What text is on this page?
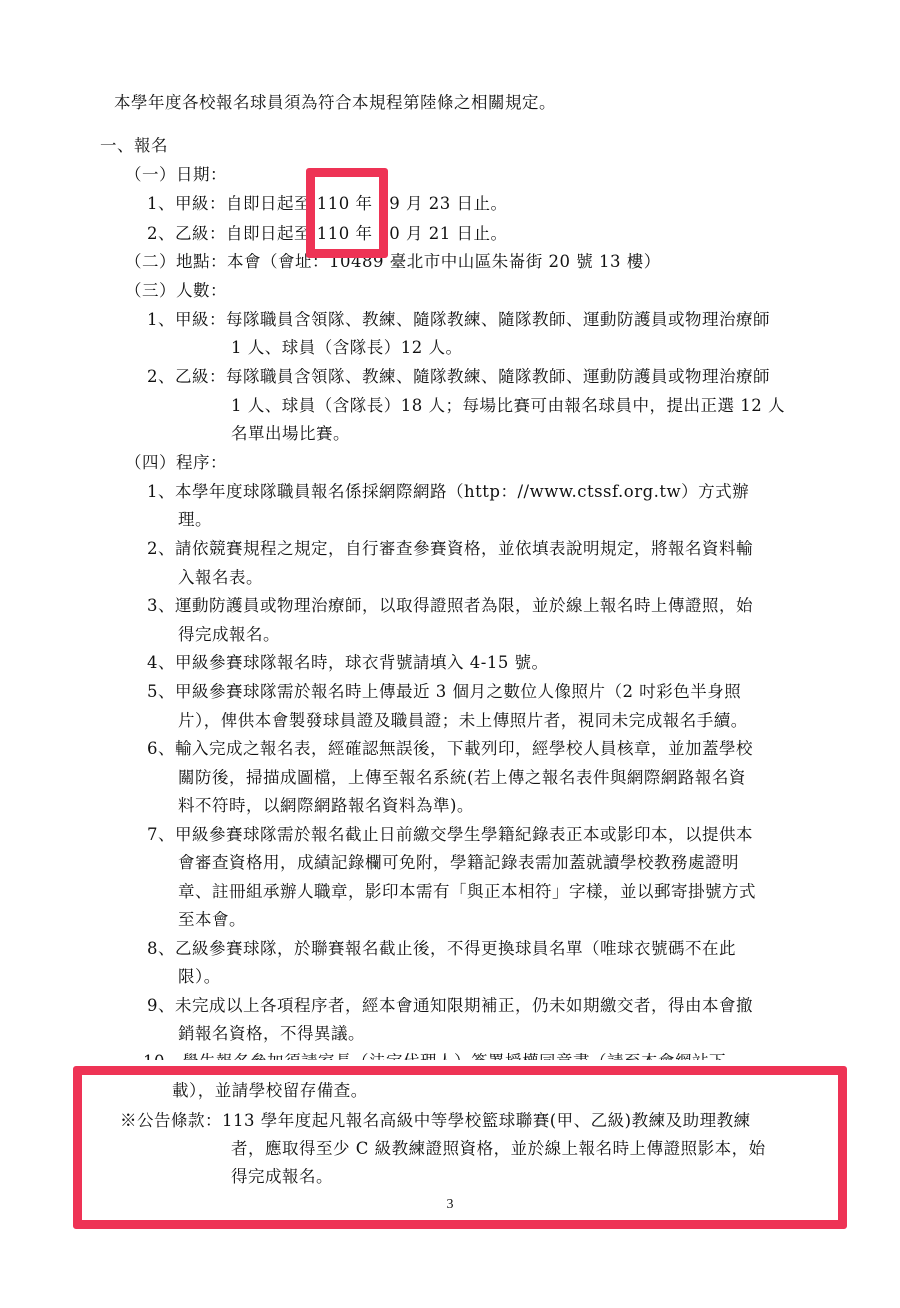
本學年度各校報名球員須為符合本規程第陸條之相關規定。
一、報名
（一）日期：
1、甲級：自即日起至 110 年 09 月 23 日止。
2、乙級：自即日起至 110 年 10 月 21 日止。
（二）地點：本會（會址：10489 臺北市中山區朱崙街 20 號 13 樓）
（三）人數：
1、甲級：每隊職員含領隊、教練、隨隊教練、隨隊教師、運動防護員或物理治療師
1 人、球員（含隊長）12 人。
2、乙級：每隊職員含領隊、教練、隨隊教練、隨隊教師、運動防護員或物理治療師
1 人、球員（含隊長）18 人；每場比賽可由報名球員中，提出正選 12 人
名單出場比賽。
（四）程序：
1、本學年度球隊職員報名係採網際網路（http：//www.ctssf.org.tw）方式辦
理。
2、請依競賽規程之規定，自行審查參賽資格，並依填表說明規定，將報名資料輸
入報名表。
3、運動防護員或物理治療師，以取得證照者為限，並於線上報名時上傳證照，始
得完成報名。
4、甲級參賽球隊報名時，球衣背號請填入 4-15 號。
5、甲級參賽球隊需於報名時上傳最近 3 個月之數位人像照片（2 吋彩色半身照
片），俾供本會製發球員證及職員證；未上傳照片者，視同未完成報名手續。
6、輸入完成之報名表，經確認無誤後，下載列印，經學校人員核章，並加蓋學校
關防後，掃描成圖檔，上傳至報名系統(若上傳之報名表件與網際網路報名資
料不符時，以網際網路報名資料為準)。
7、甲級參賽球隊需於報名截止日前繳交學生學籍紀錄表正本或影印本，以提供本
會審查資格用，成績記錄欄可免附，學籍記錄表需加蓋就讀學校教務處證明
章、註冊組承辦人職章，影印本需有「與正本相符」字樣，並以郵寄掛號方式
至本會。
8、乙級參賽球隊，於聯賽報名截止後，不得更換球員名單（唯球衣號碼不在此
限）。
9、未完成以上各項程序者，經本會通知限期補正，仍未如期繳交者，得由本會撤
銷報名資格，不得異議。
載），並請學校留存備查。
※公告條款：113 學年度起凡報名高級中等學校籃球聯賽(甲、乙級)教練及助理教練
者，應取得至少 C 級教練證照資格，並於線上報名時上傳證照影本，始
得完成報名。
3
